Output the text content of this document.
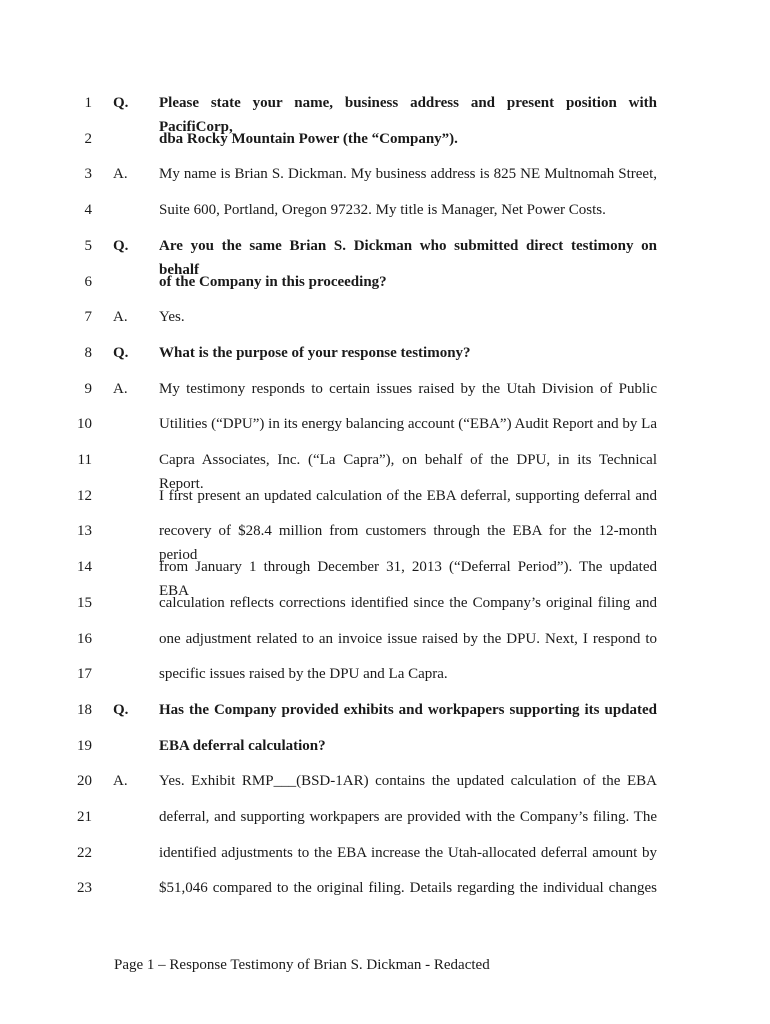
1 Q. Please state your name, business address and present position with PacifiCorp,
2	dba Rocky Mountain Power (the “Company”).
3 A. My name is Brian S. Dickman. My business address is 825 NE Multnomah Street,
4	Suite 600, Portland, Oregon 97232. My title is Manager, Net Power Costs.
5 Q. Are you the same Brian S. Dickman who submitted direct testimony on behalf
6	of the Company in this proceeding?
7 A. Yes.
8 Q. What is the purpose of your response testimony?
9 A. My testimony responds to certain issues raised by the Utah Division of Public
10	Utilities (“DPU”) in its energy balancing account (“EBA”) Audit Report and by La
11	Capra Associates, Inc. (“La Capra”), on behalf of the DPU, in its Technical Report.
12	I first present an updated calculation of the EBA deferral, supporting deferral and
13	recovery of $28.4 million from customers through the EBA for the 12-month period
14	from January 1 through December 31, 2013 (“Deferral Period”). The updated EBA
15	calculation reflects corrections identified since the Company’s original filing and
16	one adjustment related to an invoice issue raised by the DPU. Next, I respond to
17	specific issues raised by the DPU and La Capra.
18 Q. Has the Company provided exhibits and workpapers supporting its updated
19	EBA deferral calculation?
20 A. Yes. Exhibit RMP___(BSD-1AR) contains the updated calculation of the EBA
21	deferral, and supporting workpapers are provided with the Company’s filing. The
22	identified adjustments to the EBA increase the Utah-allocated deferral amount by
23	$51,046 compared to the original filing. Details regarding the individual changes
Page 1 – Response Testimony of Brian S. Dickman - Redacted
